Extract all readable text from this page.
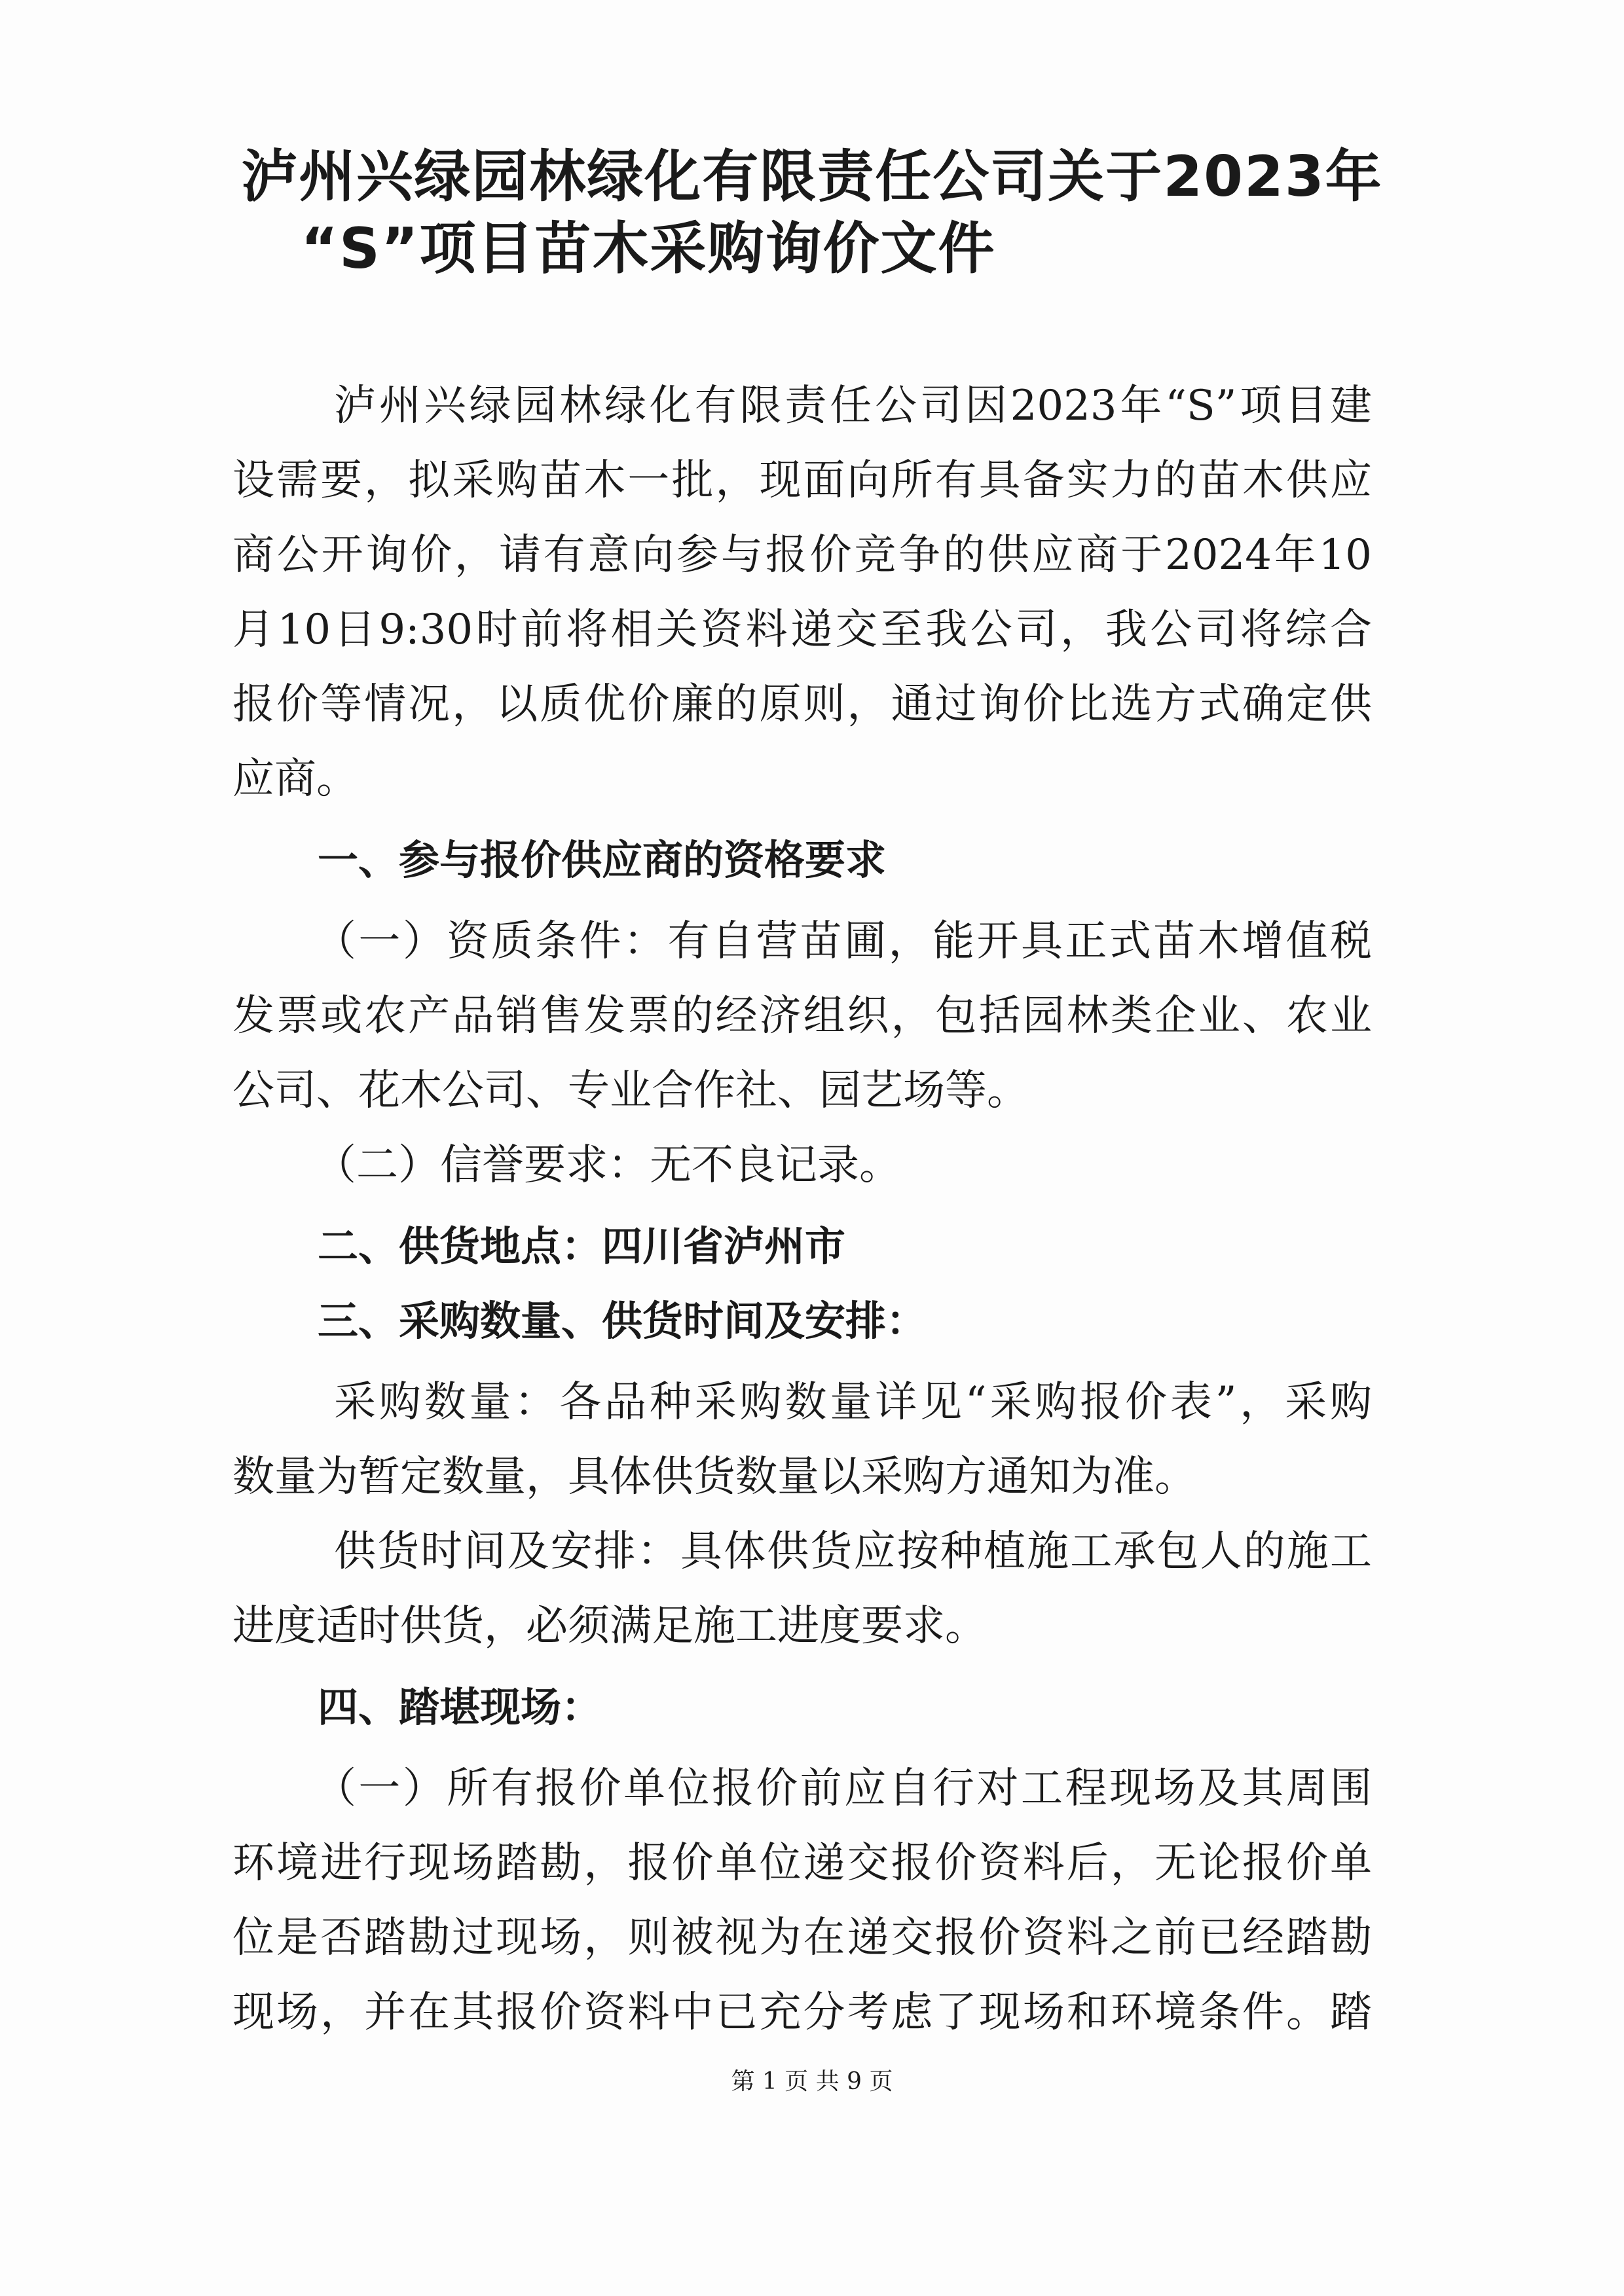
泸州兴绿园林绿化有限责任公司关于2023年
“S”项目苗木采购询价文件
泸州兴绿园林绿化有限责任公司因2023年“S”项目建
设需要，拟采购苗木一批，现面向所有具备实力的苗木供应
商公开询价，请有意向参与报价竞争的供应商于2024年10
月10日9:30时前将相关资料递交至我公司，我公司将综合
报价等情况，以质优价廉的原则，通过询价比选方式确定供
应商。
一、参与报价供应商的资格要求
（一）资质条件：有自营苗圃，能开具正式苗木增值税
发票或农产品销售发票的经济组织，包括园林类企业、农业
公司、花木公司、专业合作社、园艺场等。
（二）信誉要求：无不良记录。
二、供货地点：四川省泸州市
三、采购数量、供货时间及安排：
采购数量：各品种采购数量详见“采购报价表”，采购
数量为暂定数量，具体供货数量以采购方通知为准。
供货时间及安排：具体供货应按种植施工承包人的施工
进度适时供货，必须满足施工进度要求。
四、踏堪现场：
（一）所有报价单位报价前应自行对工程现场及其周围
环境进行现场踏勘，报价单位递交报价资料后，无论报价单
位是否踏勘过现场，则被视为在递交报价资料之前已经踏勘
现场，并在其报价资料中已充分考虑了现场和环境条件。踏
第 1 页 共 9 页
